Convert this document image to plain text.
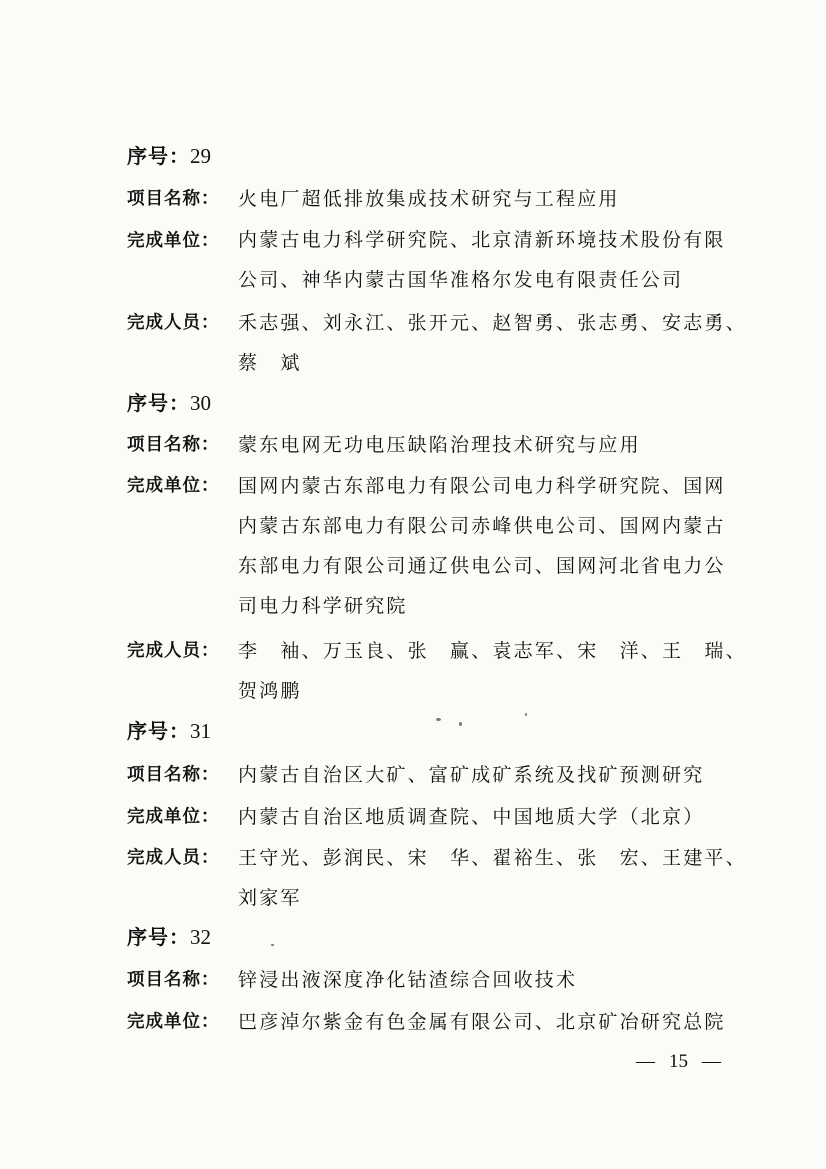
序号：29
项目名称： 火电厂超低排放集成技术研究与工程应用
完成单位： 内蒙古电力科学研究院、北京清新环境技术股份有限
公司、神华内蒙古国华准格尔发电有限责任公司
完成人员： 禾志强、刘永江、张开元、赵智勇、张志勇、安志勇、
蔡　斌
序号：30
项目名称： 蒙东电网无功电压缺陷治理技术研究与应用
完成单位： 国网内蒙古东部电力有限公司电力科学研究院、国网
内蒙古东部电力有限公司赤峰供电公司、国网内蒙古
东部电力有限公司通辽供电公司、国网河北省电力公
司电力科学研究院
完成人员： 李　袖、万玉良、张　赢、袁志军、宋　洋、王　瑞、
贺鸿鹏
序号：31
项目名称： 内蒙古自治区大矿、富矿成矿系统及找矿预测研究
完成单位： 内蒙古自治区地质调查院、中国地质大学（北京）
完成人员： 王守光、彭润民、宋　华、翟裕生、张　宏、王建平、
刘家军
序号：32
项目名称： 锌浸出液深度净化钴渣综合回收技术
完成单位： 巴彦淖尔紫金有色金属有限公司、北京矿冶研究总院
— 15 —
